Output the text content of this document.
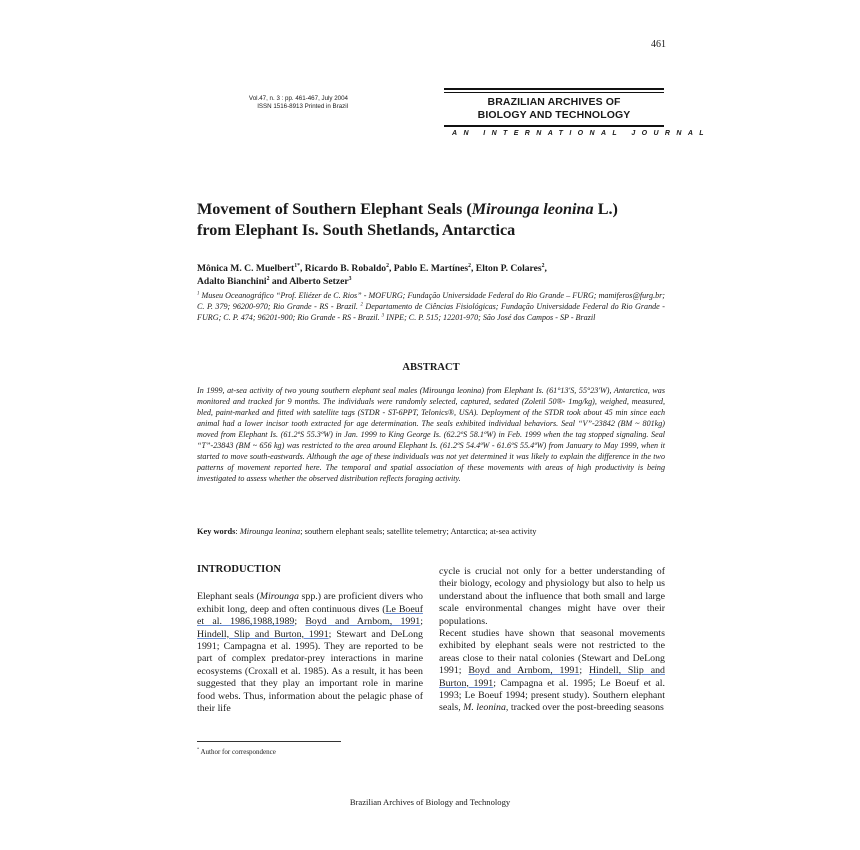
461
Vol.47, n. 3 : pp. 461-467, July 2004
ISSN 1516-8913 Printed in Brazil	BRAZILIAN ARCHIVES OF
BIOLOGY AND TECHNOLOGY
AN INTERNATIONAL JOURNAL
Movement of Southern Elephant Seals (Mirounga leonina L.)
from Elephant Is. South Shetlands, Antarctica
Mônica M. C. Muelbert$^{1*}$, Ricardo B. Robaldo$^2$, Pablo E. Martínes$^2$, Elton P. Colares$^2$,
Adalto Bianchini$^2$ and Alberto Setzer$^3$
$^1$ Museu Oceanográfico “Prof. Eliézer de C. Rios” - MOFURG; Fundação Universidade Federal do Rio Grande – FURG; mamiferos@furg.br; C. P. 379; 96200-970; Rio Grande - RS - Brazil. $^2$ Departamento de Ciências Fisiológicas; Fundação Universidade Federal do Rio Grande - FURG; C. P. 474; 96201-900; Rio Grande - RS - Brazil. $^3$ INPE; C. P. 515; 12201-970; São José dos Campos - SP - Brazil
ABSTRACT
In 1999, at-sea activity of two young southern elephant seal males (Mirounga leonina) from Elephant Is. (61°13'S, 55°23'W), Antarctica, was monitored and tracked for 9 months. The individuals were randomly selected, captured, sedated (Zoletil 50®- 1mg/kg), weighed, measured, bled, paint-marked and fitted with satellite tags (STDR - ST-6PPT, Telonics®, USA). Deployment of the STDR took about 45 min since each animal had a lower incisor tooth extracted for age determination. The seals exhibited individual behaviors. Seal “V”-23842 (BM ~ 801kg) moved from Elephant Is. (61.2ºS 55.3ºW) in Jan. 1999 to King George Is. (62.2ºS 58.1ºW) in Feb. 1999 when the tag stopped signaling. Seal “T”-23843 (BM ~ 656 kg) was restricted to the area around Elephant Is. (61.2ºS 54.4ºW - 61.6ºS 55.4ºW) from January to May 1999, when it started to move south-eastwards. Although the age of these individuals was not yet determined it was likely to explain the difference in the two patterns of movement reported here. The temporal and spatial association of these movements with areas of high productivity is being investigated to assess whether the observed distribution reflects foraging activity.
Key words: Mirounga leonina; southern elephant seals; satellite telemetry; Antarctica; at-sea activity
INTRODUCTION

Elephant seals (Mirounga spp.) are proficient divers who exhibit long, deep and often continuous dives (Le Boeuf et al. 1986,1988,1989; Boyd and Arnbom, 1991; Hindell, Slip and Burton, 1991; Stewart and DeLong 1991; Campagna et al. 1995). They are reported to be part of complex predator-prey interactions in marine ecosystems (Croxall et al. 1985). As a result, it has been suggested that they play an important role in marine food webs. Thus, information about the pelagic phase of their life

cycle is crucial not only for a better understanding of their biology, ecology and physiology but also to help us understand about the influence that both small and large scale environmental changes might have over their populations.

Recent studies have shown that seasonal movements exhibited by elephant seals were not restricted to the areas close to their natal colonies (Stewart and DeLong 1991; Boyd and Arnbom, 1991; Hindell, Slip and Burton, 1991; Campagna et al. 1995; Le Boeuf et al. 1993; Le Boeuf 1994; present study). Southern elephant seals, M. leonina, tracked over the post-breeding seasons

* Author for correspondence
Brazilian Archives of Biology and Technology
